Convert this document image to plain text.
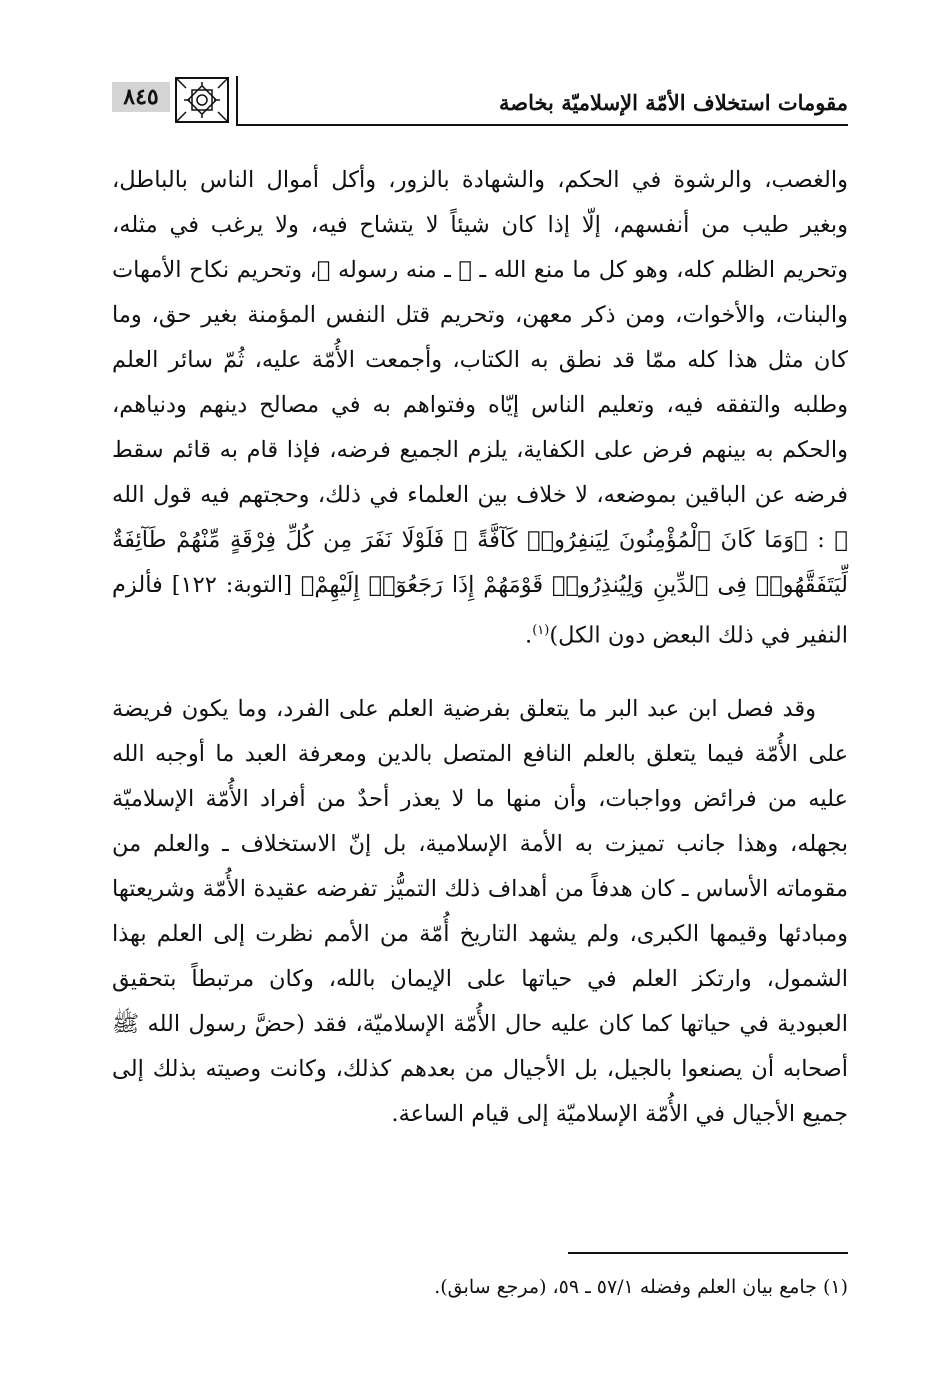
مقومات استخلاف الأمّة الإسلاميّة بخاصة
٨٤٥

والغصب، والرشوة في الحكم، والشهادة بالزور، وأكل أموال الناس بالباطل، وبغير طيب من أنفسهم، إلّا إذا كان شيئاً لا يتشاح فيه، ولا يرغب في مثله، وتحريم الظلم كله، وهو كل ما منع الله ـ ﷻ ـ منه رسوله ﷺ، وتحريم نكاح الأمهات والبنات، والأخوات، ومن ذكر معهن، وتحريم قتل النفس المؤمنة بغير حق، وما كان مثل هذا كله ممّا قد نطق به الكتاب، وأجمعت الأُمّة عليه، ثُمّ سائر العلم وطلبه والتفقه فيه، وتعليم الناس إيّاه وفتواهم به في مصالح دينهم ودنياهم، والحكم به بينهم فرض على الكفاية، يلزم الجميع فرضه، فإذا قام به قائم سقط فرضه عن الباقين بموضعه، لا خلاف بين العلماء في ذلك، وحجتهم فيه قول الله ﷻ : ﴿وَمَا كَانَ ٱلْمُؤْمِنُونَ لِيَنفِرُوا۟ كَآفَّةً ۚ فَلَوْلَا نَفَرَ مِن كُلِّ فِرْقَةٍ مِّنْهُمْ طَآئِفَةٌ لِّيَتَفَقَّهُوا۟ فِى ٱلدِّينِ وَلِيُنذِرُوا۟ قَوْمَهُمْ إِذَا رَجَعُوٓا۟ إِلَيْهِمْ﴾ [التوبة: ١٢٢] فألزم النفير في ذلك البعض دون الكل)$^{(١)}$.

وقد فصل ابن عبد البر ما يتعلق بفرضية العلم على الفرد، وما يكون فريضة على الأُمّة فيما يتعلق بالعلم النافع المتصل بالدين ومعرفة العبد ما أوجبه الله عليه من فرائض وواجبات، وأن منها ما لا يعذر أحدٌ من أفراد الأُمّة الإسلاميّة بجهله، وهذا جانب تميزت به الأمة الإسلامية، بل إنّ الاستخلاف ـ والعلم من مقوماته الأساس ـ كان هدفاً من أهداف ذلك التميُّز تفرضه عقيدة الأُمّة وشريعتها ومبادئها وقيمها الكبرى، ولم يشهد التاريخ أُمّة من الأمم نظرت إلى العلم بهذا الشمول، وارتكز العلم في حياتها على الإيمان بالله، وكان مرتبطاً بتحقيق العبودية في حياتها كما كان عليه حال الأُمّة الإسلاميّة، فقد (حضَّ رسول الله ﷺ أصحابه أن يصنعوا بالجيل، بل الأجيال من بعدهم كذلك، وكانت وصيته بذلك إلى جميع الأجيال في الأُمّة الإسلاميّة إلى قيام الساعة.

(١) جامع بيان العلم وفضله ٥٧/١ ـ ٥٩، (مرجع سابق).
